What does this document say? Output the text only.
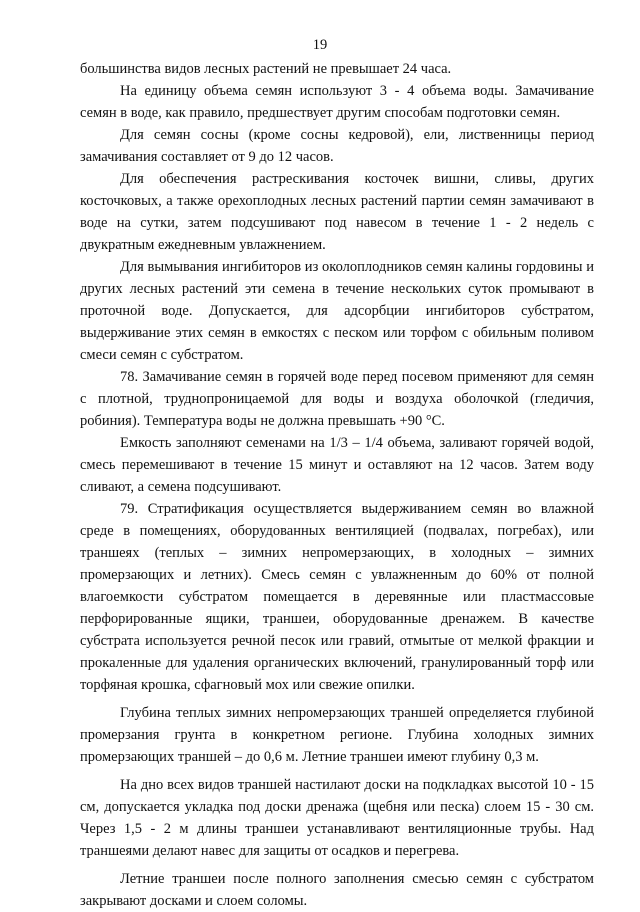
19

большинства видов лесных растений не превышает 24 часа.

На единицу объема семян используют 3 - 4 объема воды. Замачивание семян в воде, как правило, предшествует другим способам подготовки семян.

Для семян сосны (кроме сосны кедровой), ели, лиственницы период замачивания составляет от 9 до 12 часов.

Для обеспечения растрескивания косточек вишни, сливы, других косточковых, а также орехоплодных лесных растений партии семян замачивают в воде на сутки, затем подсушивают под навесом в течение 1 - 2 недель с двукратным ежедневным увлажнением.

Для вымывания ингибиторов из околоплодников семян калины гордовины и других лесных растений эти семена в течение нескольких суток промывают в проточной воде. Допускается, для адсорбции ингибиторов субстратом, выдерживание этих семян в емкостях с песком или торфом с обильным поливом смеси семян с субстратом.

78. Замачивание семян в горячей воде перед посевом применяют для семян с плотной, труднопроницаемой для воды и воздуха оболочкой (гледичия, робиния). Температура воды не должна превышать +90 °С.

Емкость заполняют семенами на 1/3 – 1/4 объема, заливают горячей водой, смесь перемешивают в течение 15 минут и оставляют на 12 часов. Затем воду сливают, а семена подсушивают.

79. Стратификация осуществляется выдерживанием семян во влажной среде в помещениях, оборудованных вентиляцией (подвалах, погребах), или траншеях (теплых – зимних непромерзающих, в холодных – зимних промерзающих и летних). Смесь семян с увлажненным до 60% от полной влагоемкости субстратом помещается в деревянные или пластмассовые перфорированные ящики, траншеи, оборудованные дренажем. В качестве субстрата используется речной песок или гравий, отмытые от мелкой фракции и прокаленные для удаления органических включений, гранулированный торф или торфяная крошка, сфагновый мох или свежие опилки.

Глубина теплых зимних непромерзающих траншей определяется глубиной промерзания грунта в конкретном регионе. Глубина холодных зимних промерзающих траншей – до 0,6 м. Летние траншеи имеют глубину 0,3 м.

На дно всех видов траншей настилают доски на подкладках высотой 10 - 15 см, допускается укладка под доски дренажа (щебня или песка) слоем 15 - 30 см. Через 1,5 - 2 м длины траншеи устанавливают вентиляционные трубы. Над траншеями делают навес для защиты от осадков и перегрева.

Летние траншеи после полного заполнения смесью семян с субстратом закрывают досками и слоем соломы.
